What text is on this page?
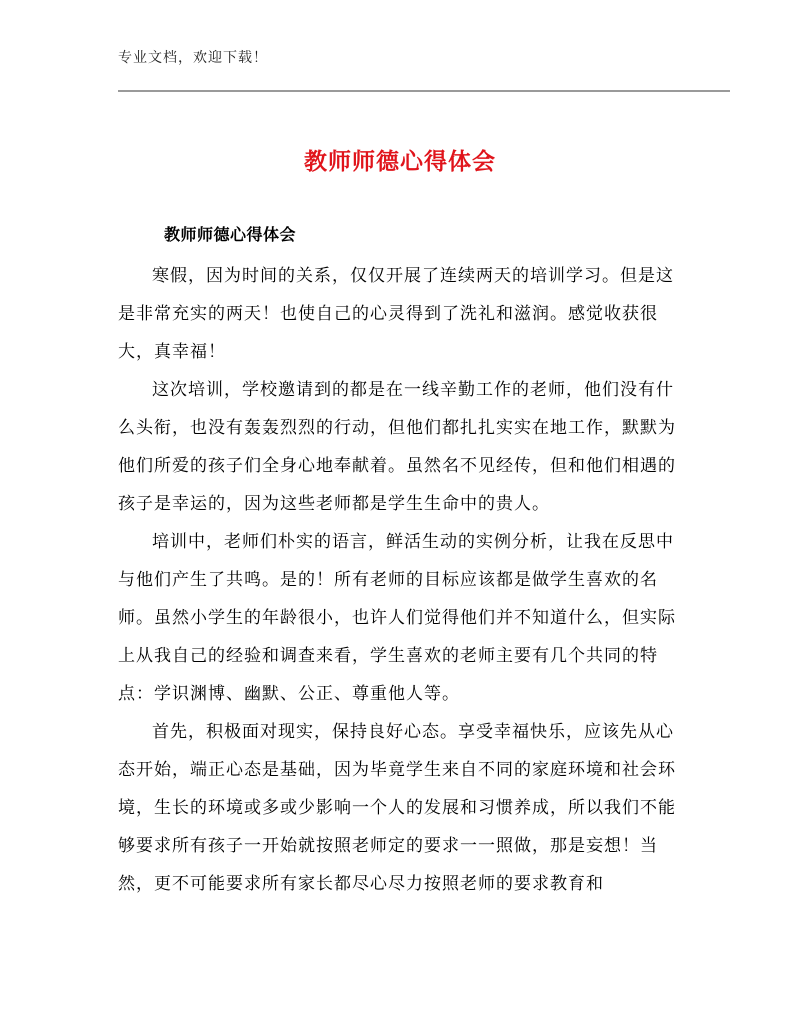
专业文档，欢迎下载！
教师师德心得体会
教师师德心得体会

寒假，因为时间的关系，仅仅开展了连续两天的培训学习。但是这是非常充实的两天！也使自己的心灵得到了洗礼和滋润。感觉收获很大，真幸福！

这次培训，学校邀请到的都是在一线辛勤工作的老师，他们没有什么头衔，也没有轰轰烈烈的行动，但他们都扎扎实实在地工作，默默为他们所爱的孩子们全身心地奉献着。虽然名不见经传，但和他们相遇的孩子是幸运的，因为这些老师都是学生生命中的贵人。

培训中，老师们朴实的语言，鲜活生动的实例分析，让我在反思中与他们产生了共鸣。是的！所有老师的目标应该都是做学生喜欢的名师。虽然小学生的年龄很小，也许人们觉得他们并不知道什么，但实际上从我自己的经验和调查来看，学生喜欢的老师主要有几个共同的特点：学识渊博、幽默、公正、尊重他人等。

首先，积极面对现实，保持良好心态。享受幸福快乐，应该先从心态开始，端正心态是基础，因为毕竟学生来自不同的家庭环境和社会环境，生长的环境或多或少影响一个人的发展和习惯养成，所以我们不能够要求所有孩子一开始就按照老师定的要求一一照做，那是妄想！当然，更不可能要求所有家长都尽心尽力按照老师的要求教育和
